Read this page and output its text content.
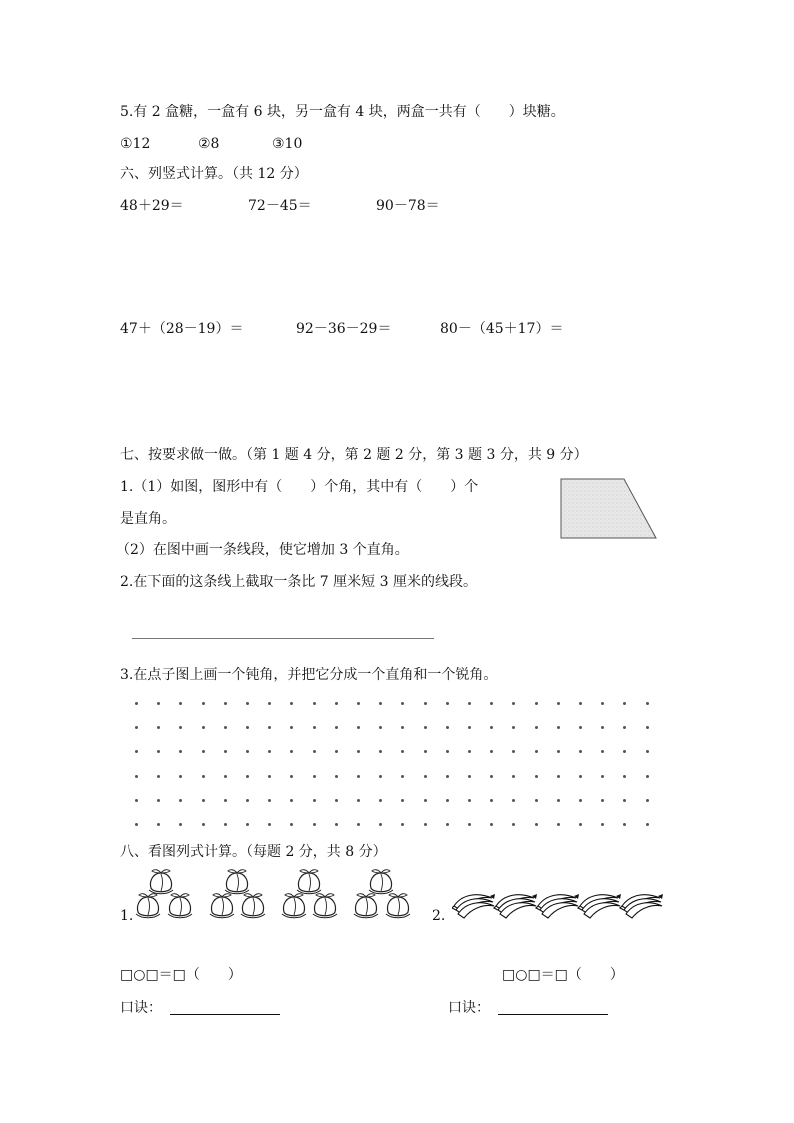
5.有 2 盒糖，一盒有 6 块，另一盒有 4 块，两盒一共有（　　）块糖。
①12	②8	③10
六、列竖式计算。（共 12 分）
48＋29＝	72－45＝	90－78＝
47＋（28－19）＝	92－36－29＝	80－（45＋17）＝
七、按要求做一做。（第 1 题 4 分，第 2 题 2 分，第 3 题 3 分，共 9 分）
1.（1）如图，图形中有（　　）个角，其中有（　　）个
是直角。
（2）在图中画一条线段，使它增加 3 个直角。
2.在下面的这条线上截取一条比 7 厘米短 3 厘米的线段。
3.在点子图上画一个钝角，并把它分成一个直角和一个锐角。
八、看图列式计算。（每题 2 分，共 8 分）
1.	2.
□○□＝□（　　）	□○□＝□（　　）
口诀：	口诀：
